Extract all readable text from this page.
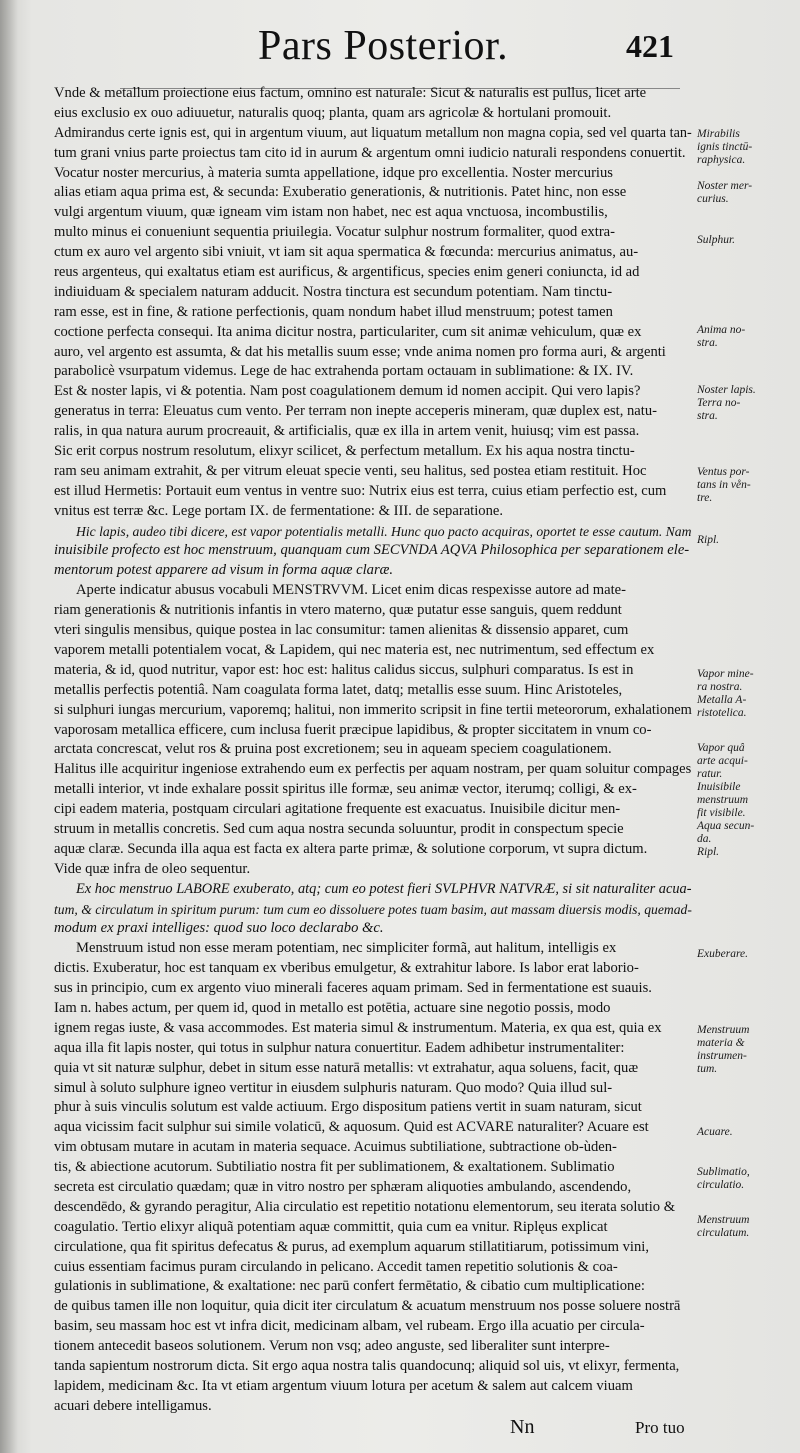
Pars Posterior.	421
Vnde & metallum proiectione eius factum, omnino est naturale: Sicut & naturalis est pullus, licet arte
eius exclusio ex ouo adiuuetur, naturalis quoq; planta, quam ars agricolæ & hortulani promouit.
Admirandus certe ignis est, qui in argentum viuum, aut liquatum metallum non magna copia, sed vel quarta tan-
tum grani vnius parte proiectus tam cito id in aurum & argentum omni iudicio naturali respondens conuertit.
Vocatur noster mercurius, à materia sumta appellatione, idque pro excellentia. Noster mercurius
alias etiam aqua prima est, & secunda: Exuberatio generationis, & nutritionis. Patet hinc, non esse
vulgi argentum viuum, quæ igneam vim istam non habet, nec est aqua vnctuosa, incombustilis,
multo minus ei conueniunt sequentia priuilegia. Vocatur sulphur nostrum formaliter, quod extra-
ctum ex auro vel argento sibi vniuit, vt iam sit aqua spermatica & fœcunda: mercurius animatus, au-
reus argenteus, qui exaltatus etiam est aurificus, & argentificus, species enim generi coniuncta, id ad
indiuiduam & specialem naturam adducit. Nostra tinctura est secundum potentiam. Nam tinctu-
ram esse, est in fine, & ratione perfectionis, quam nondum habet illud menstruum; potest tamen
coctione perfecta consequi. Ita anima dicitur nostra, particulariter, cum sit animæ vehiculum, quæ ex
auro, vel argento est assumta, & dat his metallis suum esse; vnde anima nomen pro forma auri, & argenti
parabolicè vsurpatum videmus. Lege de hac extrahenda portam octauam in sublimatione: & IX. IV.
Est & noster lapis, vi & potentia. Nam post coagulationem demum id nomen accipit. Qui vero lapis?
generatus in terra: Eleuatus cum vento. Per terram non inepte acceperis mineram, quæ duplex est, natu-
ralis, in qua natura aurum procreauit, & artificialis, quæ ex illa in artem venit, huiusq; vim est passa.
Sic erit corpus nostrum resolutum, elixyr scilicet, & perfectum metallum. Ex his aqua nostra tinctu-
ram seu animam extrahit, & per vitrum eleuat specie venti, seu halitus, sed postea etiam restituit. Hoc
est illud Hermetis: Portauit eum ventus in ventre suo: Nutrix eius est terra, cuius etiam perfectio est, cum
vnitus est terræ &c. Lege portam IX. de fermentatione: & III. de separatione.
Hic lapis, audeo tibi dicere, est vapor potentialis metalli. Hunc quo pacto acquiras, oportet te esse cautum. Nam
inuisibile profecto est hoc menstruum, quanquam cum SECVNDA AQVA Philosophica per separationem ele-
mentorum potest apparere ad visum in forma aquæ claræ.
Aperte indicatur abusus vocabuli MENSTRVVM. Licet enim dicas respexisse autore ad mate-
riam generationis & nutritionis infantis in vtero materno, quæ putatur esse sanguis, quem reddunt
vteri singulis mensibus, quique postea in lac consumitur: tamen alienitas & dissensio apparet, cum
vaporem metalli potentialem vocat, & Lapidem, qui nec materia est, nec nutrimentum, sed effectum ex
materia, & id, quod nutritur, vapor est: hoc est: halitus calidus siccus, sulphuri comparatus. Is est in
metallis perfectis potentiâ. Nam coagulata forma latet, datq; metallis esse suum. Hinc Aristoteles,
si sulphuri iungas mercurium, vaporemq; halitui, non immerito scripsit in fine tertii meteororum, exhalationem
vaporosam metallica efficere, cum inclusa fuerit præcipue lapidibus, & propter siccitatem in vnum co-
arctata concrescat, velut ros & pruina post excretionem; seu in aqueam speciem coagulationem.
Halitus ille acquiritur ingeniose extrahendo eum ex perfectis per aquam nostram, per quam soluitur compages
metalli interior, vt inde exhalare possit spiritus ille formæ, seu animæ vector, iterumq; colligi, & ex-
cipi eadem materia, postquam circulari agitatione frequente est exacuatus. Inuisibile dicitur men-
struum in metallis concretis. Sed cum aqua nostra secunda soluuntur, prodit in conspectum specie
aquæ claræ. Secunda illa aqua est facta ex altera parte primæ, & solutione corporum, vt supra dictum.
Vide quæ infra de oleo sequentur.
Ex hoc menstruo LABORE exuberato, atq; cum eo potest fieri SVLPHVR NATVRÆ, si sit naturaliter acua-
tum, & circulatum in spiritum purum: tum cum eo dissoluere potes tuam basim, aut massam diuersis modis, quemad-
modum ex praxi intelliges: quod suo loco declarabo &c.
Menstruum istud non esse meram potentiam, nec simpliciter formã, aut halitum, intelligis ex
dictis. Exuberatur, hoc est tanquam ex vberibus emulgetur, & extrahitur labore. Is labor erat laborio-
sus in principio, cum ex argento viuo minerali faceres aquam primam. Sed in fermentatione est suauis.
Iam n. habes actum, per quem id, quod in metallo est potētia, actuare sine negotio possis, modo
ignem regas iuste, & vasa accommodes. Est materia simul & instrumentum. Materia, ex qua est, quia ex
aqua illa fit lapis noster, qui totus in sulphur natura conuertitur. Eadem adhibetur instrumentaliter:
quia vt sit naturæ sulphur, debet in situm esse naturā metallis: vt extrahatur, aqua soluens, facit, quæ
simul à soluto sulphure igneo vertitur in eiusdem sulphuris naturam. Quo modo? Quia illud sul-
phur à suis vinculis solutum est valde actiuum. Ergo dispositum patiens vertit in suam naturam, sicut
aqua vicissim facit sulphur sui simile volaticū, & aquosum. Quid est ACVARE naturaliter? Acuare est
vim obtusam mutare in acutam in materia sequace. Acuimus subtiliatione, subtractione ob-ùden-
tis, & abiectione acutorum. Subtiliatio nostra fit per sublimationem, & exaltationem. Sublimatio
secreta est circulatio quædam; quæ in vitro nostro per sphæram aliquoties ambulando, ascendendo,
descendēdo, & gyrando peragitur, Alia circulatio est repetitio notationu elementorum, seu iterata solutio &
coagulatio. Tertio elixyr aliquã potentiam aquæ committit, quia cum ea vnitur. Riplęus explicat
circulatione, qua fit spiritus defecatus & purus, ad exemplum aquarum stillatitiarum, potissimum vini,
cuius essentiam facimus puram circulando in pelicano. Accedit tamen repetitio solutionis & coa-
gulationis in sublimatione, & exaltatione: nec parū confert fermētatio, & cibatio cum multiplicatione:
de quibus tamen ille non loquitur, quia dicit iter circulatum & acuatum menstruum nos posse soluere nostrā
basim, seu massam hoc est vt infra dicit, medicinam albam, vel rubeam. Ergo illa acuatio per circula-
tionem antecedit baseos solutionem. Verum non vsq; adeo anguste, sed liberaliter sunt interpre-
tanda sapientum nostrorum dicta. Sit ergo aqua nostra talis quandocunq; aliquid sol uis, vt elixyr, fermenta,
lapidem, medicinam &c. Ita vt etiam argentum viuum lotura per acetum & salem aut calcem viuam
acuari debere intelligamus.
Mirabilis
ignis tinctū-
raphysica.
Noster mer-
curius.
Sulphur.
Anima no-
stra.
Noster lapis.
Terra no-
stra.
Ventus por-
tans in ve̊n-
tre.
Ripl.
Vapor mine-
ra nostra.
Metalla A-
ristotelica.
Vapor quâ
arte acqui-
ratur.
Inuisibile
menstruum
fit visibile.
Aqua secun-
da.
Ripl.
Exuberare.
Menstruum
materia &
instrumen-
tum.
Acuare.
Sublimatio,
circulatio.
Menstruum
circulatum.
Nn	Pro tuo
